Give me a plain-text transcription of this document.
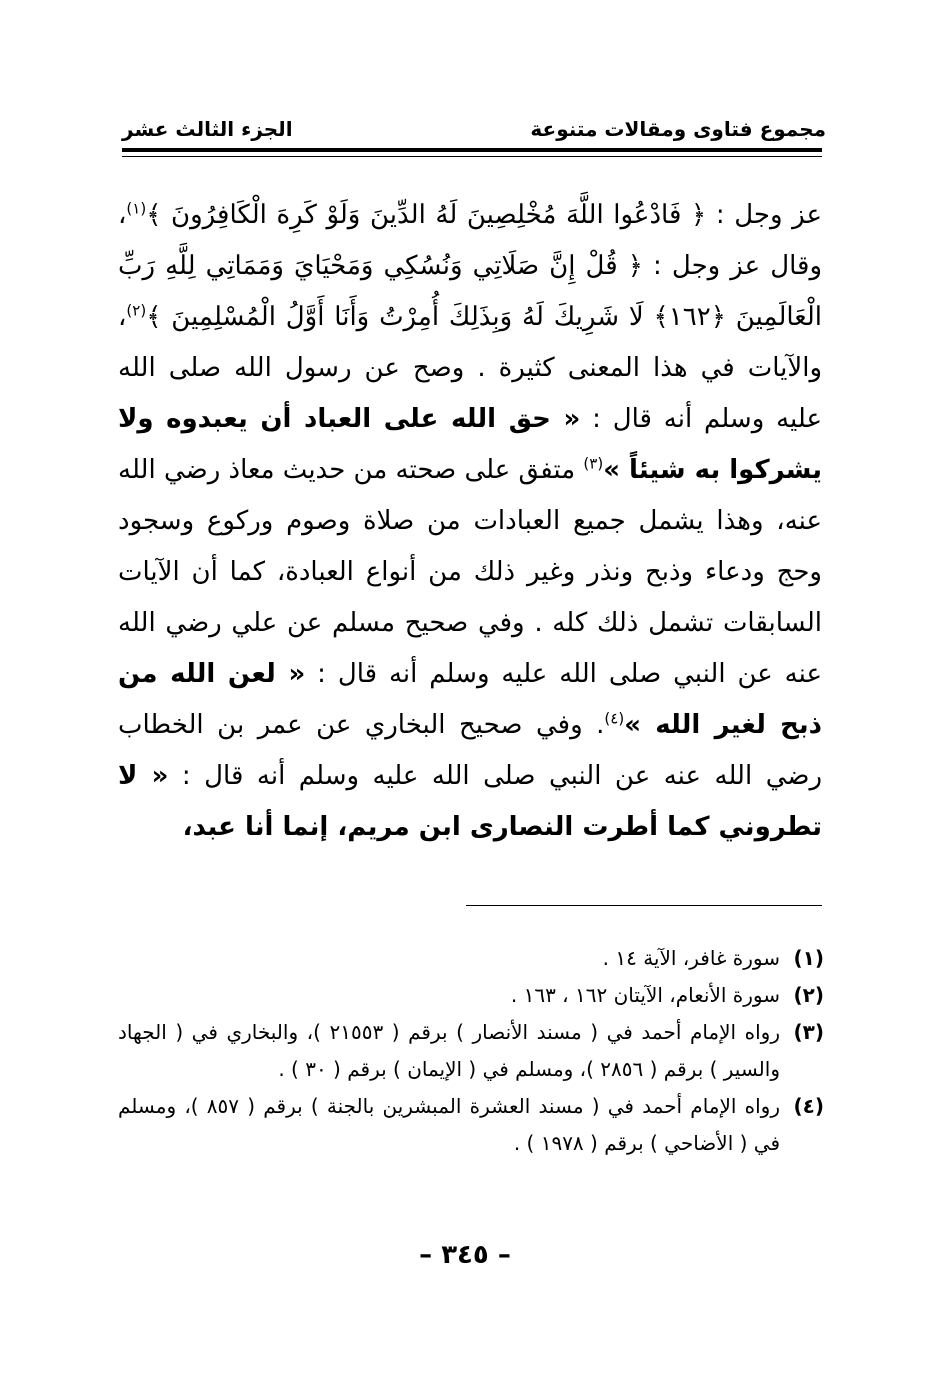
مجموع فتاوى ومقالات متنوعة
الجزء الثالث عشر
عز وجل : ﴿ فَادْعُوا اللَّهَ مُخْلِصِينَ لَهُ الدِّينَ وَلَوْ كَرِهَ الْكَافِرُونَ ﴾$^{(١)}$، وقال عز وجل : ﴿ قُلْ إِنَّ صَلَاتِي وَنُسُكِي وَمَحْيَايَ وَمَمَاتِي لِلَّهِ رَبِّ الْعَالَمِينَ ﴿١٦٢﴾ لَا شَرِيكَ لَهُ وَبِذَلِكَ أُمِرْتُ وَأَنَا أَوَّلُ الْمُسْلِمِينَ ﴾$^{(٢)}$، والآيات في هذا المعنى كثيرة . وصح عن رسول الله صلى الله عليه وسلم أنه قال : « حق الله على العباد أن يعبدوه ولا يشركوا به شيئاً »$^{(٣)}$ متفق على صحته من حديث معاذ رضي الله عنه، وهذا يشمل جميع العبادات من صلاة وصوم وركوع وسجود وحج ودعاء وذبح ونذر وغير ذلك من أنواع العبادة، كما أن الآيات السابقات تشمل ذلك كله . وفي صحيح مسلم عن علي رضي الله عنه عن النبي صلى الله عليه وسلم أنه قال : « لعن الله من ذبح لغير الله »$^{(٤)}$. وفي صحيح البخاري عن عمر بن الخطاب رضي الله عنه عن النبي صلى الله عليه وسلم أنه قال : « لا تطروني كما أطرت النصارى ابن مريم، إنما أنا عبد،
(١)
سورة غافر، الآية ١٤ .
(٢)
سورة الأنعام، الآيتان ١٦٢ ، ١٦٣ .
(٣)
رواه الإمام أحمد في ( مسند الأنصار ) برقم ( ٢١٥٥٣ )، والبخاري في ( الجهاد والسير ) برقم ( ٢٨٥٦ )، ومسلم في ( الإيمان ) برقم ( ٣٠ ) .
(٤)
رواه الإمام أحمد في ( مسند العشرة المبشرين بالجنة ) برقم ( ٨٥٧ )، ومسلم في ( الأضاحي ) برقم ( ١٩٧٨ ) .
– ٣٤٥ –
